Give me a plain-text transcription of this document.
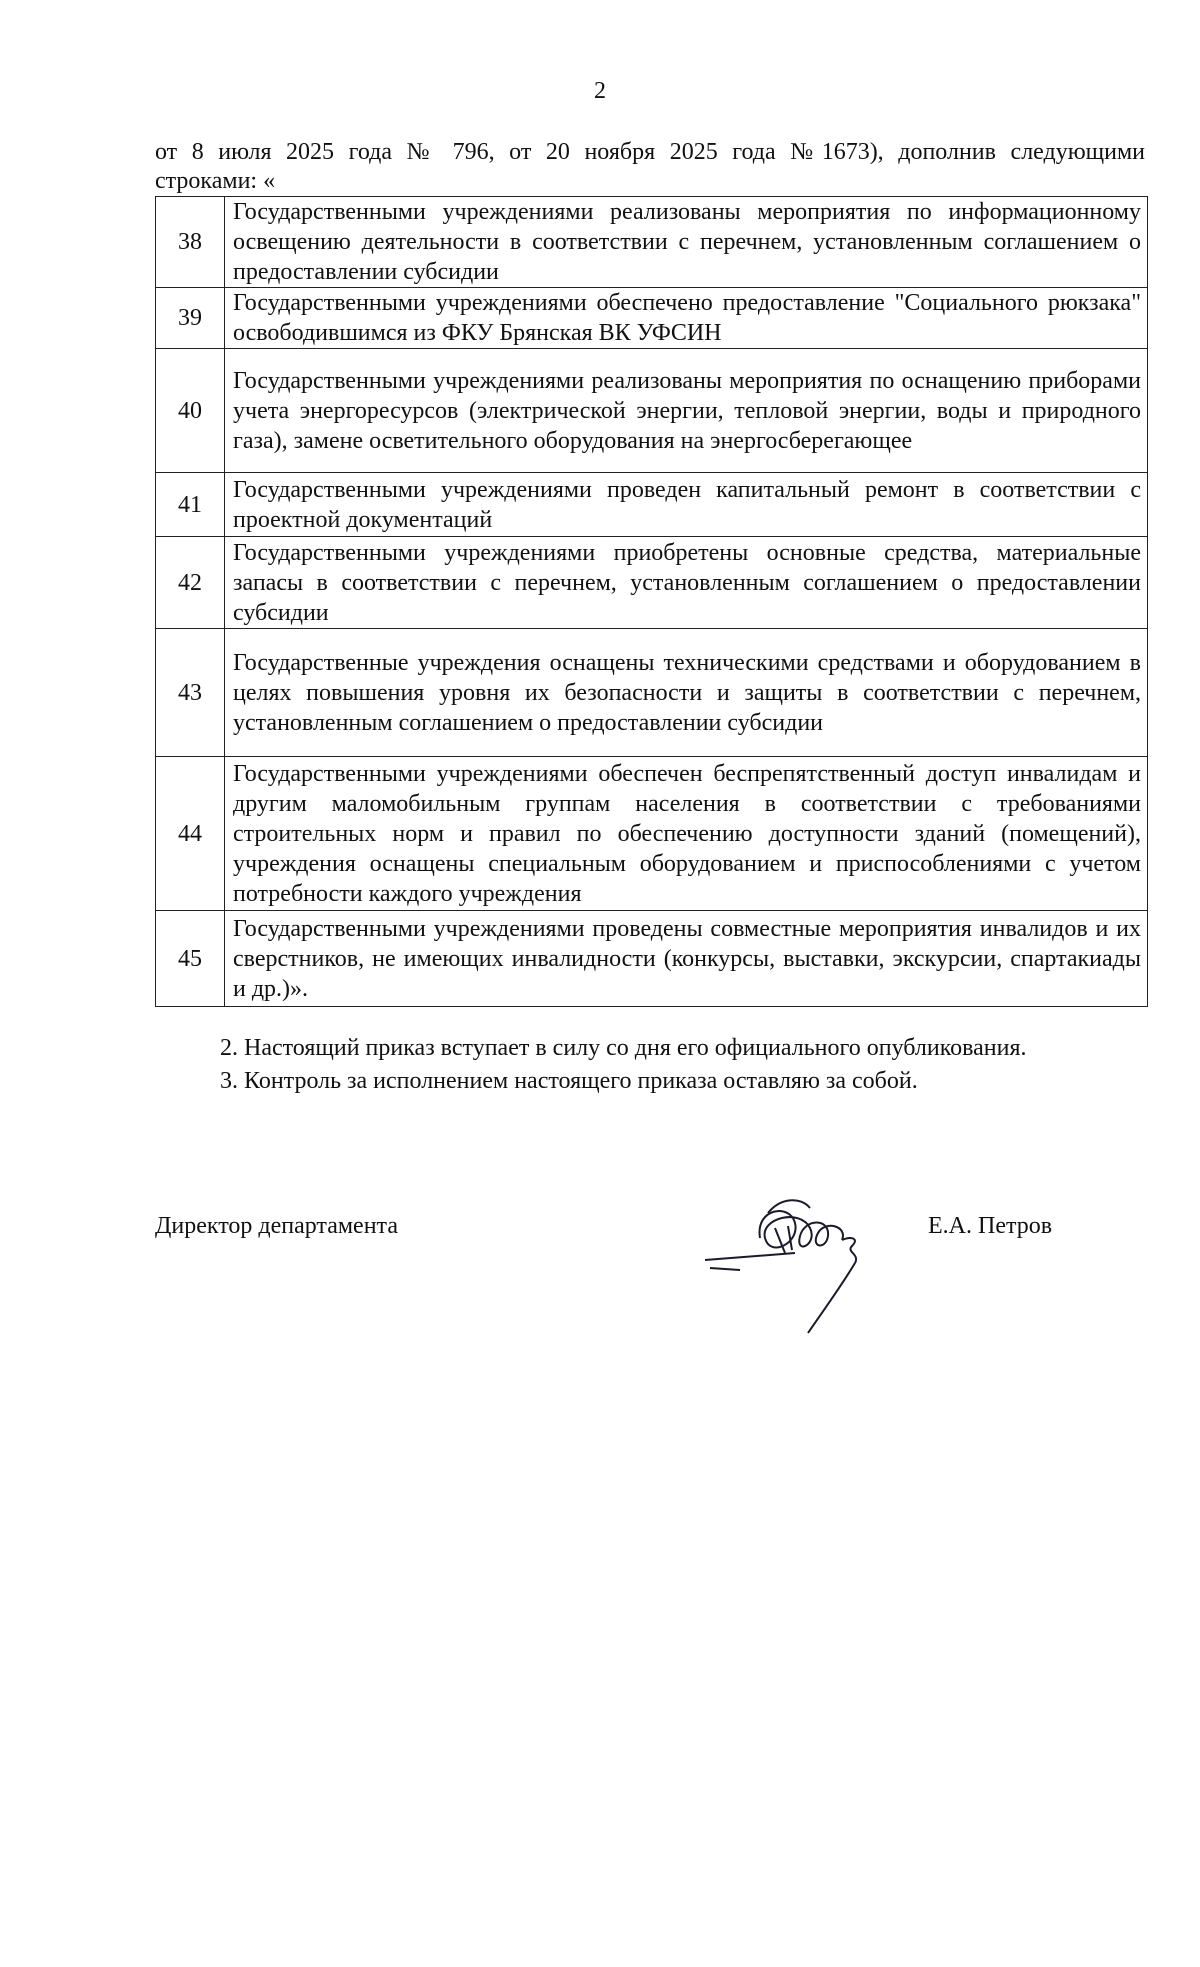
2
от 8 июля 2025 года № 796, от 20 ноября 2025 года №1673), дополнив следующими
строками: «
38	Государственными учреждениями реализованы мероприятия по информационному освещению деятельности в соответствии с перечнем, установленным соглашением о предоставлении субсидии
39	Государственными учреждениями обеспечено предоставление "Социального рюкзака" освободившимся из ФКУ Брянская ВК УФСИН
40	Государственными учреждениями реализованы мероприятия по оснащению приборами учета энергоресурсов (электрической энергии, тепловой энергии, воды и природного газа), замене осветительного оборудования на энергосберегающее
41	Государственными учреждениями проведен капитальный ремонт в соответствии с проектной документаций
42	Государственными учреждениями приобретены основные средства, материальные запасы в соответствии с перечнем, установленным соглашением о предоставлении субсидии
43	Государственные учреждения оснащены техническими средствами и оборудованием в целях повышения уровня их безопасности и защиты в соответствии с перечнем, установленным соглашением о предоставлении субсидии
44	Государственными учреждениями обеспечен беспрепятственный доступ инвалидам и другим маломобильным группам населения в соответствии с требованиями строительных норм и правил по обеспечению доступности зданий (помещений), учреждения оснащены специальным оборудованием и приспособлениями с учетом потребности каждого учреждения
45	Государственными учреждениями проведены совместные мероприятия инвалидов и их сверстников, не имеющих инвалидности (конкурсы, выставки, экскурсии, спартакиады и др.)».
2. Настоящий приказ вступает в силу со дня его официального опубликования.
3. Контроль за исполнением настоящего приказа оставляю за собой.
Директор департамента	Е.А. Петров
